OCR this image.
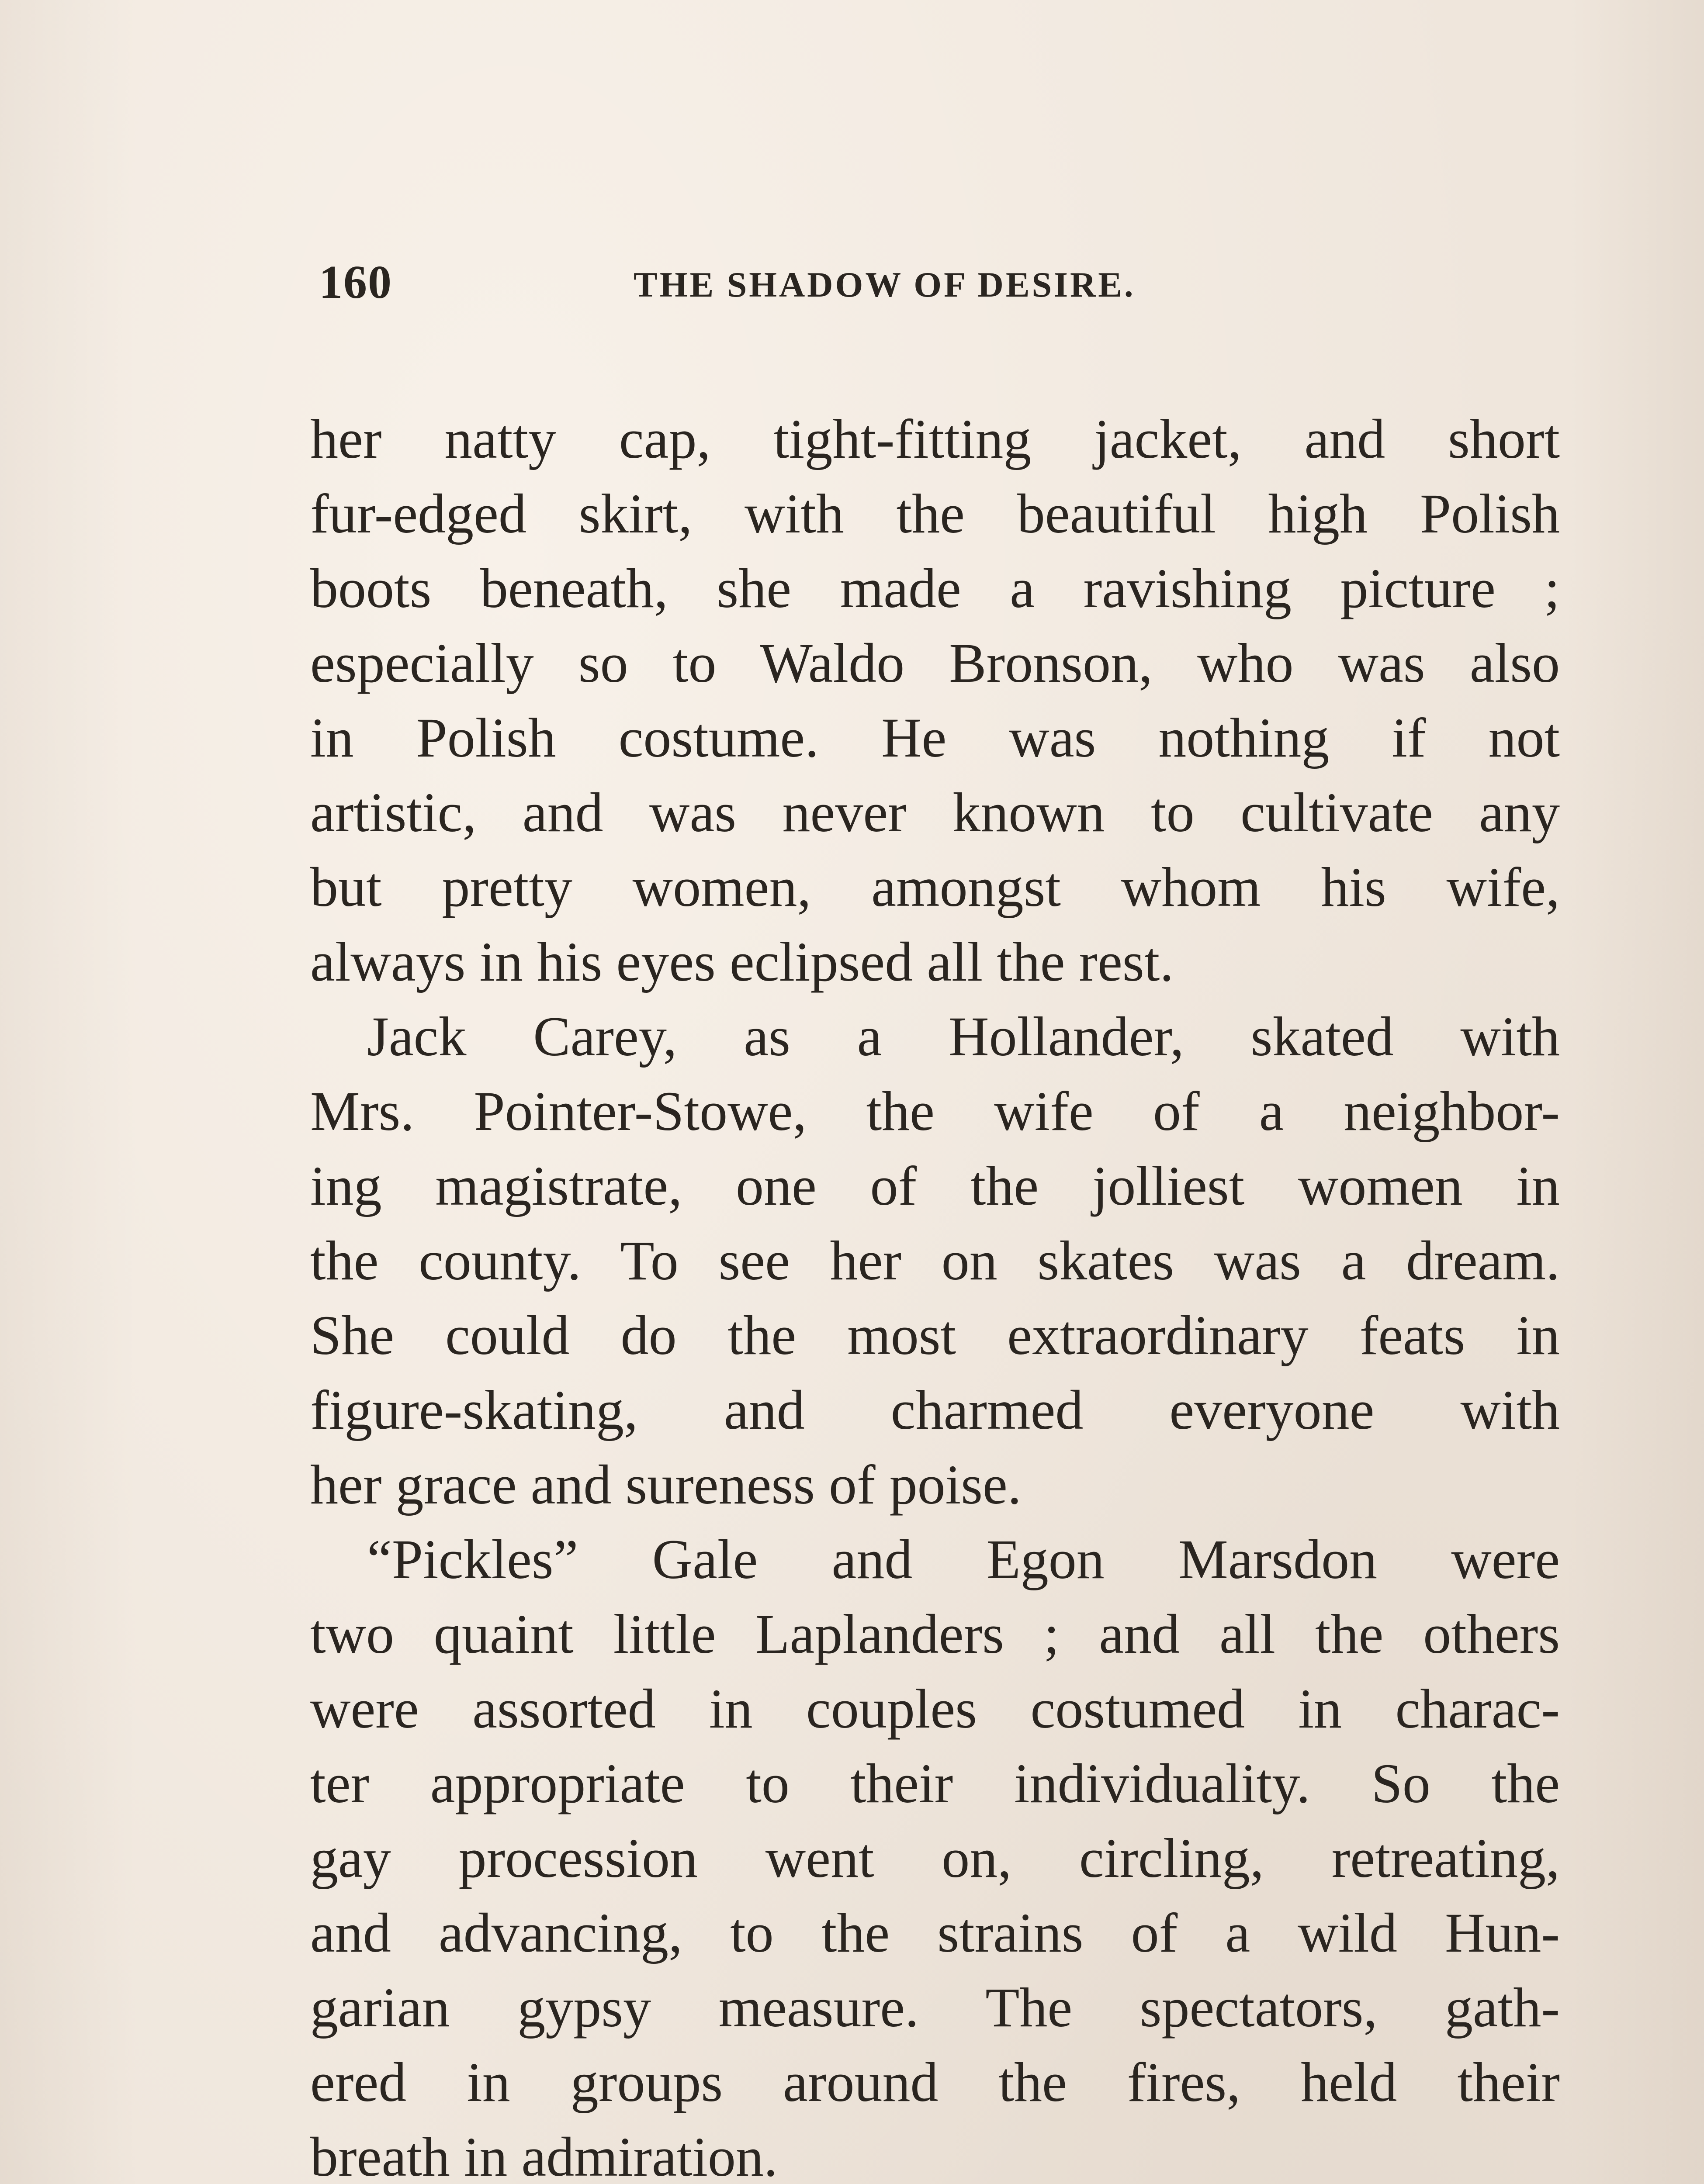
160	THE SHADOW OF DESIRE.
her natty cap, tight-fitting jacket, and short
fur-edged skirt, with the beautiful high Polish
boots beneath, she made a ravishing picture ;
especially so to Waldo Bronson, who was also
in Polish costume. He was nothing if not
artistic, and was never known to cultivate any
but pretty women, amongst whom his wife,
always in his eyes eclipsed all the rest.
Jack Carey, as a Hollander, skated with
Mrs. Pointer-Stowe, the wife of a neighbor-
ing magistrate, one of the jolliest women in
the county. To see her on skates was a dream.
She could do the most extraordinary feats in
figure-skating, and charmed everyone with
her grace and sureness of poise.
“Pickles” Gale and Egon Marsdon were
two quaint little Laplanders ; and all the others
were assorted in couples costumed in charac-
ter appropriate to their individuality. So the
gay procession went on, circling, retreating,
and advancing, to the strains of a wild Hun-
garian gypsy measure. The spectators, gath-
ered in groups around the fires, held their
breath in admiration.
